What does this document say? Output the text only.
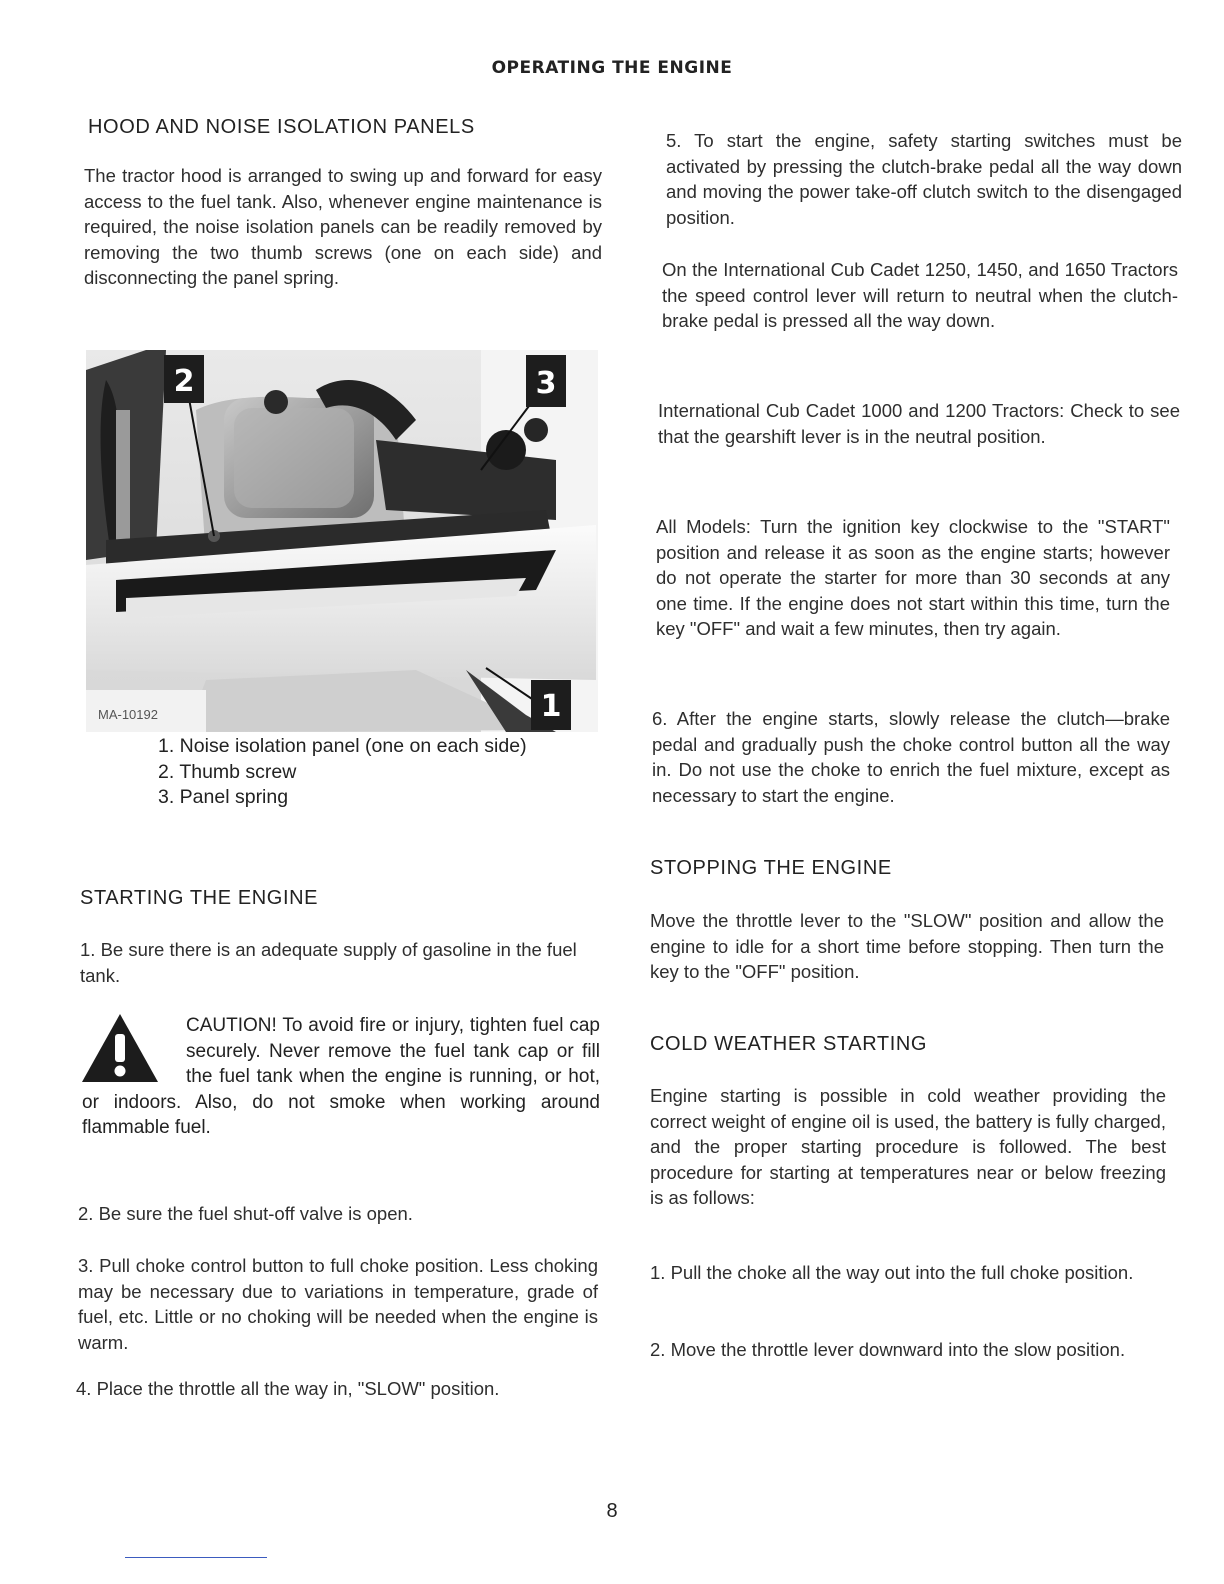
OPERATING THE ENGINE
HOOD AND NOISE ISOLATION PANELS

The tractor hood is arranged to swing up and forward for easy access to the fuel tank. Also, whenever engine maintenance is required, the noise isolation panels can be readily removed by removing the two thumb screws (one on each side) and disconnecting the panel spring.

2	3
1
MA-10192
1. Noise isolation panel (one on each side)
2. Thumb screw
3. Panel spring
STARTING THE ENGINE

1. Be sure there is an adequate supply of gasoline in the fuel tank.

CAUTION! To avoid fire or injury, tighten fuel cap securely. Never remove the fuel tank cap or fill the fuel tank when the engine is running, or hot, or indoors. Also, do not smoke when working around flammable fuel.

2. Be sure the fuel shut-off valve is open.

3. Pull choke control button to full choke position. Less choking may be necessary due to variations in temperature, grade of fuel, etc. Little or no choking will be needed when the engine is warm.

4. Place the throttle all the way in, "SLOW" position.

5. To start the engine, safety starting switches must be activated by pressing the clutch-brake pedal all the way down and moving the power take-off clutch switch to the disengaged position.

On the International Cub Cadet 1250, 1450, and 1650 Tractors the speed control lever will return to neutral when the clutch-brake pedal is pressed all the way down.

International Cub Cadet 1000 and 1200 Tractors: Check to see that the gearshift lever is in the neutral position.

All Models: Turn the ignition key clockwise to the "START" position and release it as soon as the engine starts; however do not operate the starter for more than 30 seconds at any one time. If the engine does not start within this time, turn the key "OFF" and wait a few minutes, then try again.

6. After the engine starts, slowly release the clutch—brake pedal and gradually push the choke control button all the way in. Do not use the choke to enrich the fuel mixture, except as necessary to start the engine.

STOPPING THE ENGINE

Move the throttle lever to the "SLOW" position and allow the engine to idle for a short time before stopping. Then turn the key to the "OFF" position.

COLD WEATHER STARTING

Engine starting is possible in cold weather providing the correct weight of engine oil is used, the battery is fully charged, and the proper starting procedure is followed. The best procedure for starting at temperatures near or below freezing is as follows:

1. Pull the choke all the way out into the full choke position.

2. Move the throttle lever downward into the slow position.

8
